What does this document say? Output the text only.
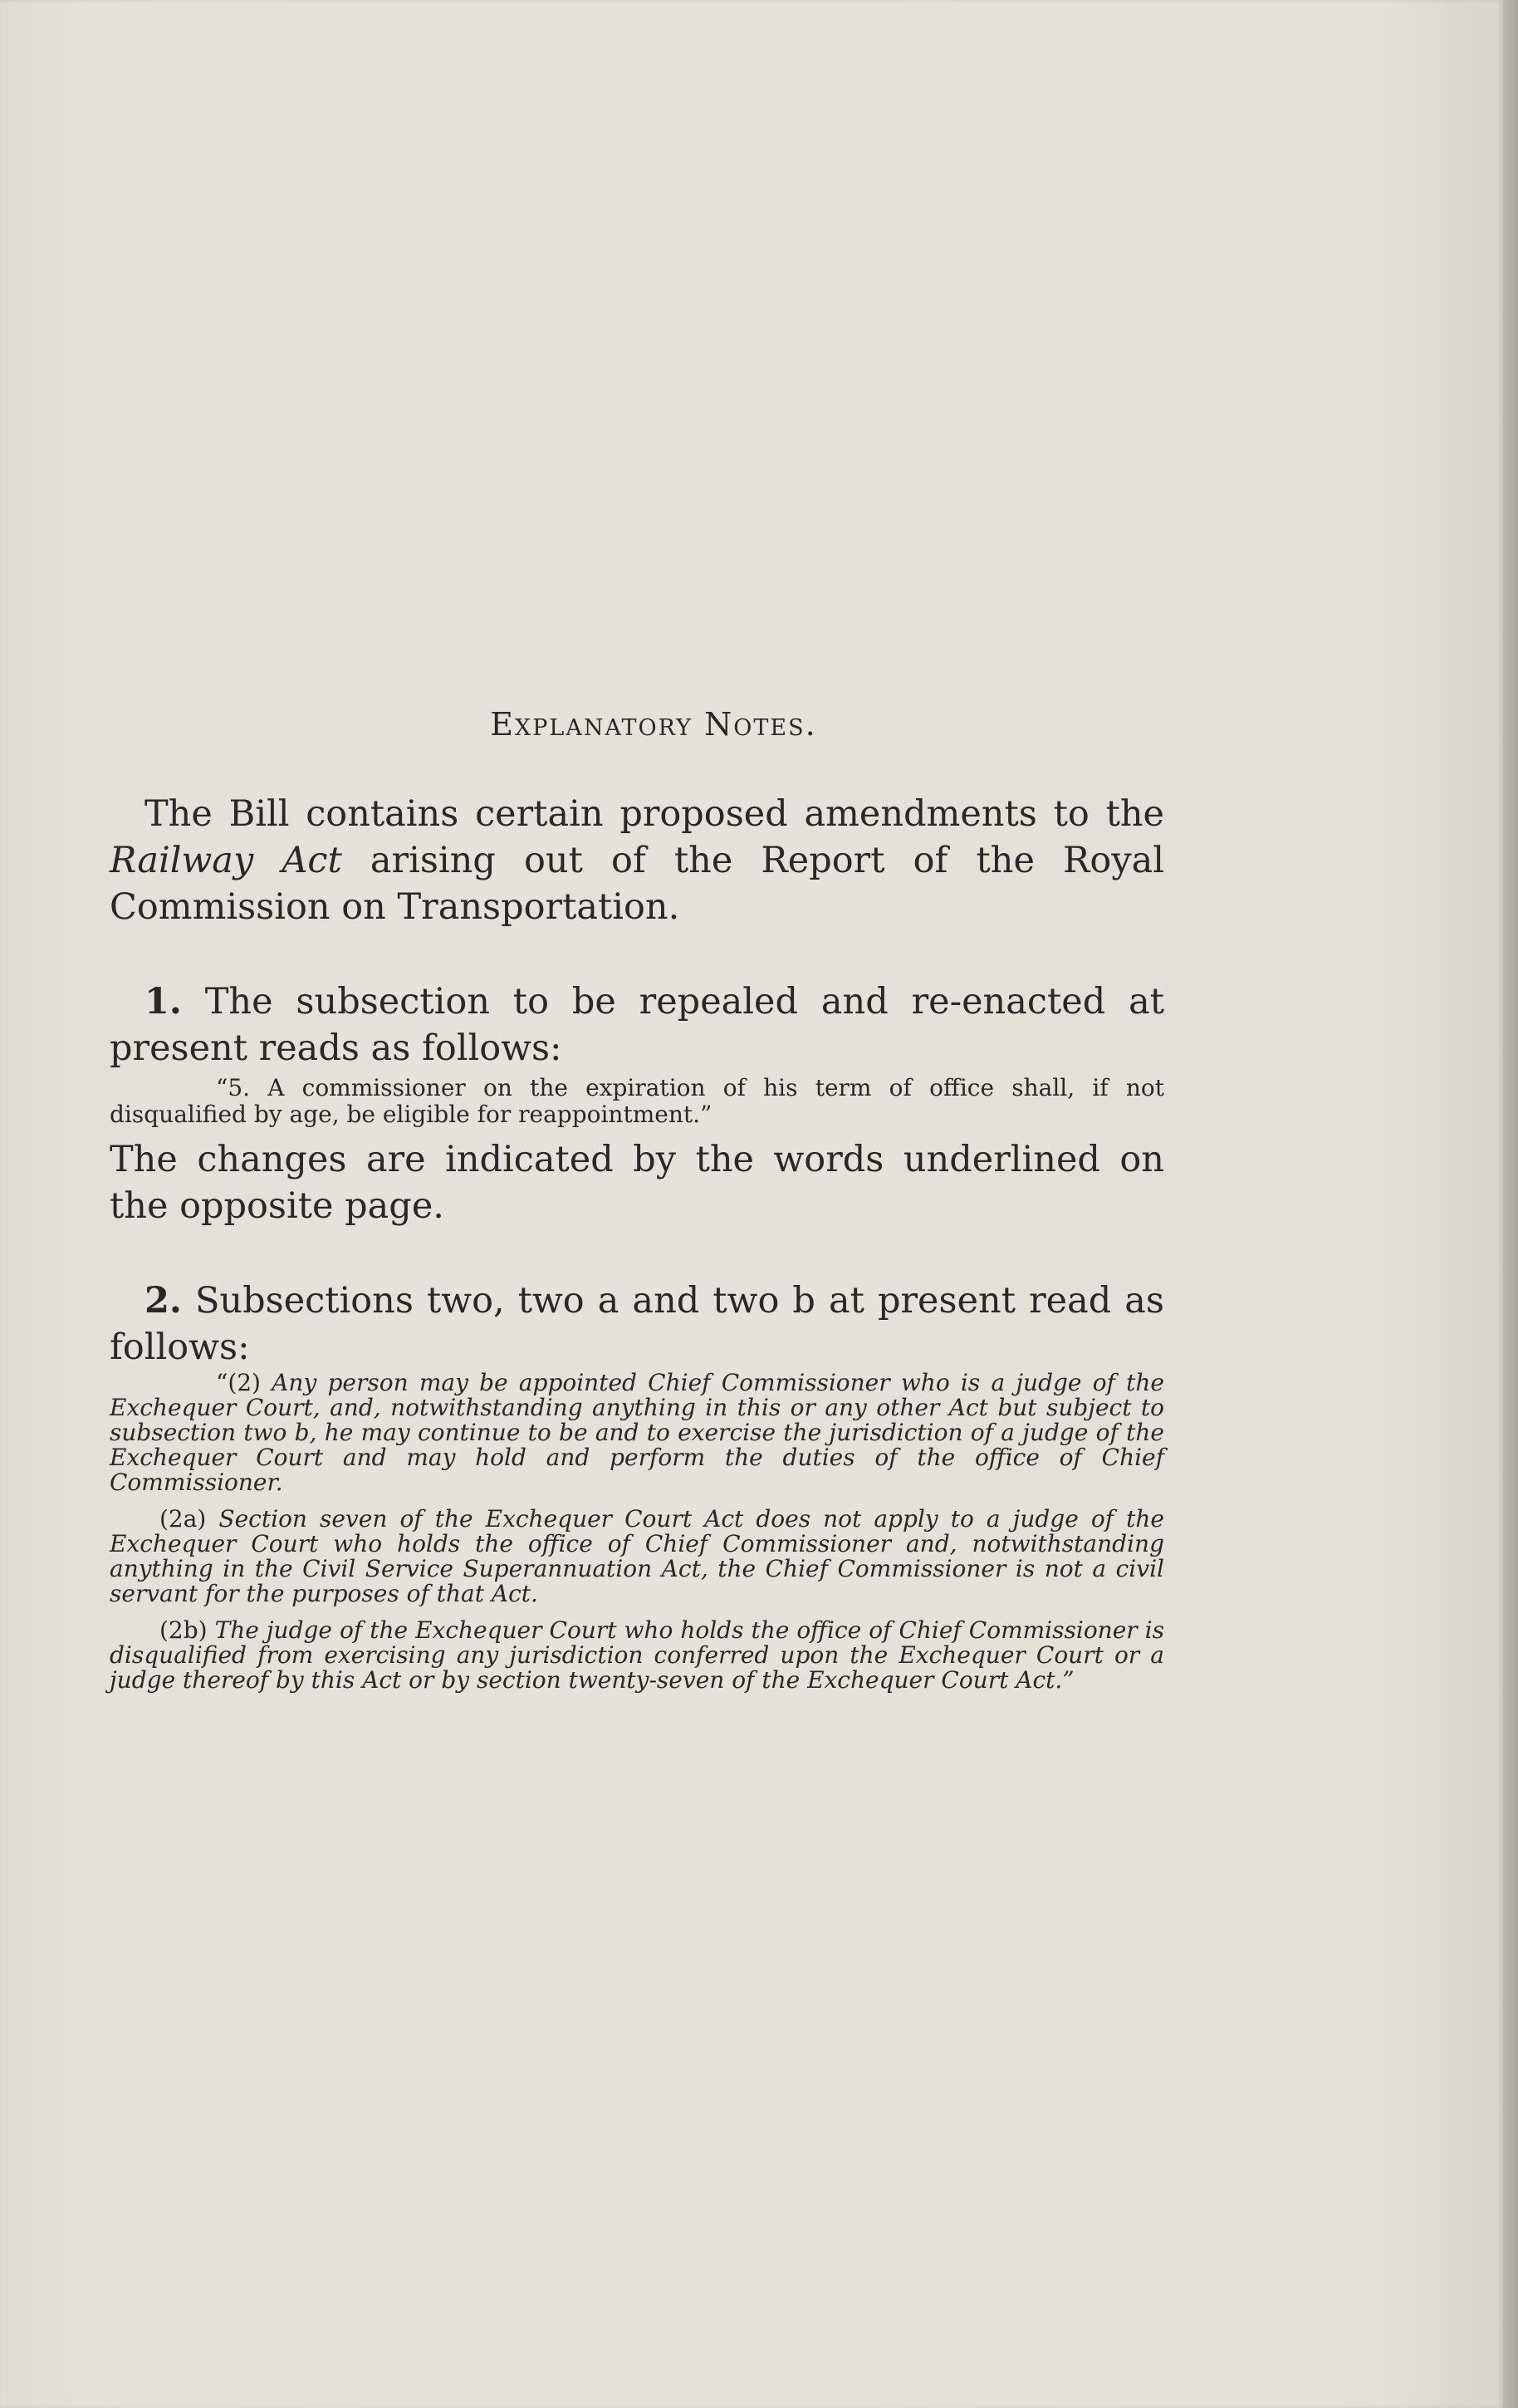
Explanatory Notes.

The Bill contains certain proposed amendments to the Railway Act arising out of the Report of the Royal Commission on Transportation.

1. The subsection to be repealed and re-enacted at present reads as follows:

“5. A commissioner on the expiration of his term of office shall, if not disqualified by age, be eligible for reappointment.”

The changes are indicated by the words underlined on the opposite page.

2. Subsections two, two a and two b at present read as follows:

“(2) Any person may be appointed Chief Commissioner who is a judge of the Exchequer Court, and, notwithstanding anything in this or any other Act but subject to subsection two b, he may continue to be and to exercise the jurisdiction of a judge of the Exchequer Court and may hold and perform the duties of the office of Chief Commissioner.

(2a) Section seven of the Exchequer Court Act does not apply to a judge of the Exchequer Court who holds the office of Chief Commissioner and, notwithstanding anything in the Civil Service Superannuation Act, the Chief Commissioner is not a civil servant for the purposes of that Act.

(2b) The judge of the Exchequer Court who holds the office of Chief Commissioner is disqualified from exercising any jurisdiction conferred upon the Exchequer Court or a judge thereof by this Act or by section twenty-seven of the Exchequer Court Act.”
